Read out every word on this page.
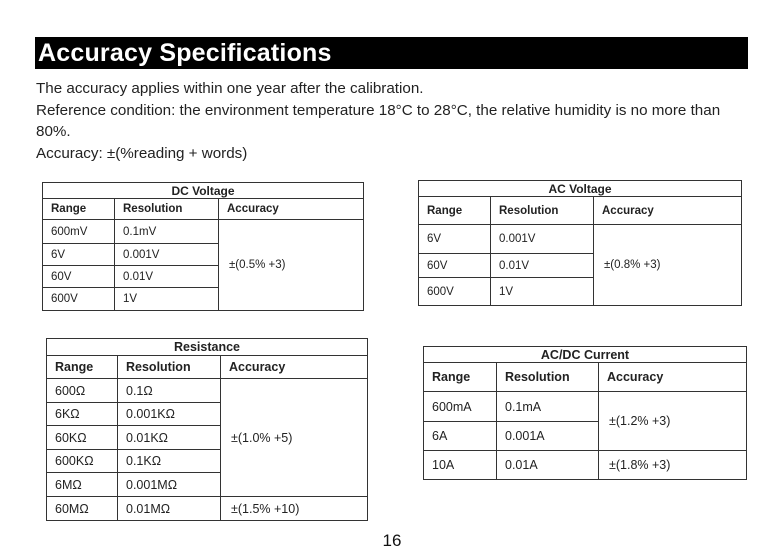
Accuracy Specifications

The accuracy applies within one year after the calibration.

Reference condition: the environment temperature 18°C to 28°C, the relative humidity is no more than 80%.

Accuracy: ±(%reading + words)

DC Voltage		
Range	Resolution	Accuracy
600mV	0.1mV	±(0.5% +3)
6V	0.001V	
60V	0.01V	
600V	1V	
AC Voltage		
Range	Resolution	Accuracy
6V	0.001V	±(0.8% +3)
60V	0.01V	
600V	1V	
Resistance		
Range	Resolution	Accuracy
600Ω	0.1Ω	±(1.0% +5)
6KΩ	0.001KΩ	
60KΩ	0.01KΩ	
600KΩ	0.1KΩ	
6MΩ	0.001MΩ	
60MΩ	0.01MΩ	±(1.5% +10)
AC/DC Current		
Range	Resolution	Accuracy
600mA	0.1mA	±(1.2% +3)
6A	0.001A	
10A	0.01A	±(1.8% +3)
16
